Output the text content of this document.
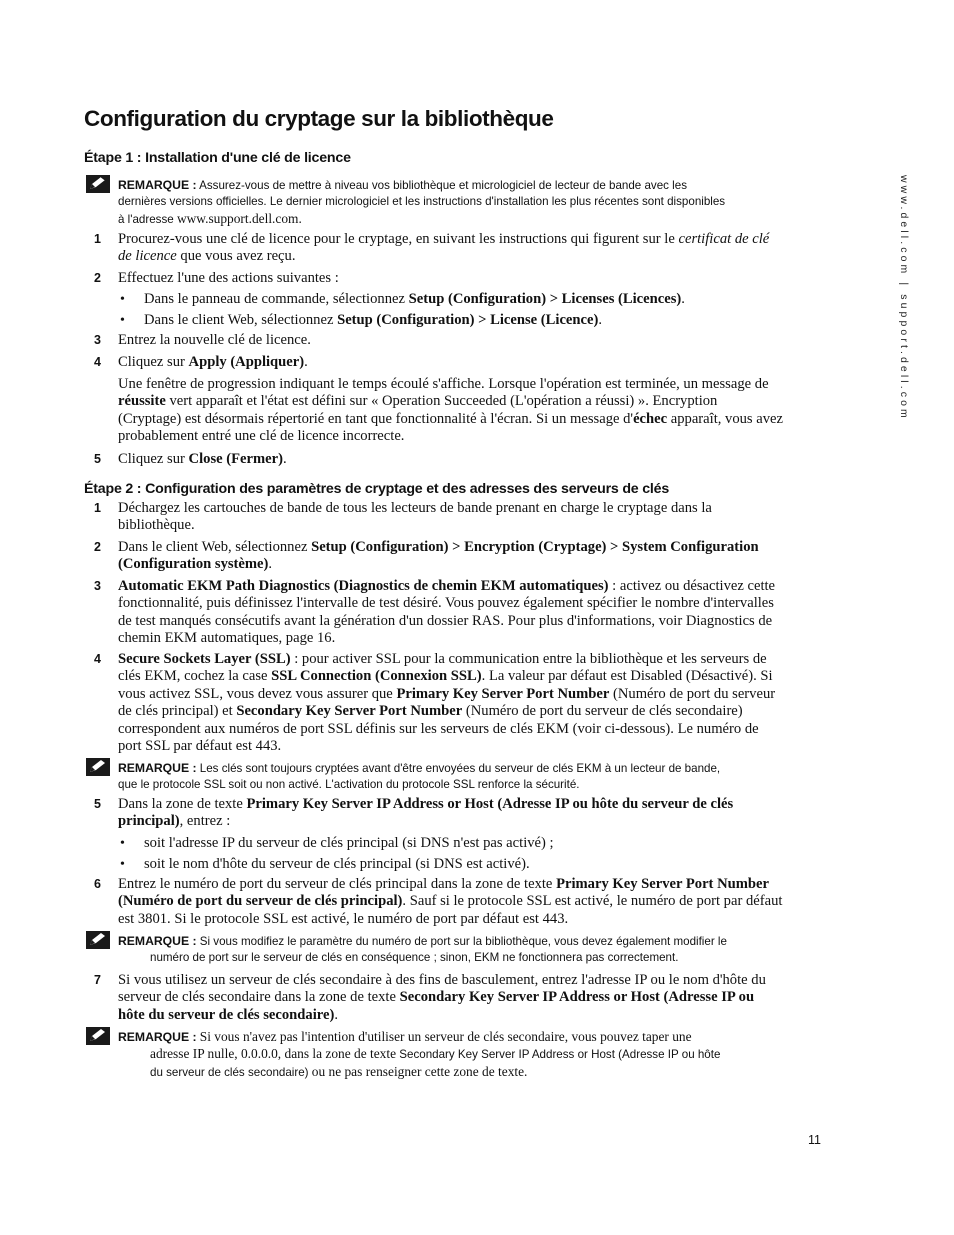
www.dell.com | support.dell.com
Configuration du cryptage sur la bibliothèque
Étape 1 : Installation d'une clé de licence

REMARQUE : Assurez-vous de mettre à niveau vos bibliothèque et micrologiciel de lecteur de bande avec les
dernières versions officielles. Le dernier micrologiciel et les instructions d'installation les plus récentes sont disponibles
à l'adresse www.support.dell.com.

1 Procurez-vous une clé de licence pour le cryptage, en suivant les instructions qui figurent sur le certificat de clé de licence que vous avez reçu.

2 Effectuez l'une des actions suivantes :

• Dans le panneau de commande, sélectionnez Setup (Configuration) > Licenses (Licences).

• Dans le client Web, sélectionnez Setup (Configuration) > License (Licence).

3 Entrez la nouvelle clé de licence.

4 Cliquez sur Apply (Appliquer).

Une fenêtre de progression indiquant le temps écoulé s'affiche. Lorsque l'opération est terminée, un message de réussite vert apparaît et l'état est défini sur « Operation Succeeded (L'opération a réussi) ». Encryption (Cryptage) est désormais répertorié en tant que fonctionnalité à l'écran. Si un message d'échec apparaît, vous avez probablement entré une clé de licence incorrecte.

5 Cliquez sur Close (Fermer).

Étape 2 : Configuration des paramètres de cryptage et des adresses des serveurs de clés
1 Déchargez les cartouches de bande de tous les lecteurs de bande prenant en charge le cryptage dans la bibliothèque.

2 Dans le client Web, sélectionnez Setup (Configuration) > Encryption (Cryptage) > System Configuration (Configuration système).

3 Automatic EKM Path Diagnostics (Diagnostics de chemin EKM automatiques) : activez ou désactivez cette fonctionnalité, puis définissez l'intervalle de test désiré. Vous pouvez également spécifier le nombre d'intervalles de test manqués consécutifs avant la génération d'un dossier RAS. Pour plus d'informations, voir Diagnostics de chemin EKM automatiques, page 16.

4 Secure Sockets Layer (SSL) : pour activer SSL pour la communication entre la bibliothèque et les serveurs de clés EKM, cochez la case SSL Connection (Connexion SSL). La valeur par défaut est Disabled (Désactivé). Si vous activez SSL, vous devez vous assurer que Primary Key Server Port Number (Numéro de port du serveur de clés principal) et Secondary Key Server Port Number (Numéro de port du serveur de clés secondaire) correspondent aux numéros de port SSL définis sur les serveurs de clés EKM (voir ci-dessous). Le numéro de port SSL par défaut est 443.

REMARQUE : Les clés sont toujours cryptées avant d'être envoyées du serveur de clés EKM à un lecteur de bande,
que le protocole SSL soit ou non activé. L'activation du protocole SSL renforce la sécurité.

5 Dans la zone de texte Primary Key Server IP Address or Host (Adresse IP ou hôte du serveur de clés principal), entrez :

• soit l'adresse IP du serveur de clés principal (si DNS n'est pas activé) ;

• soit le nom d'hôte du serveur de clés principal (si DNS est activé).

6 Entrez le numéro de port du serveur de clés principal dans la zone de texte Primary Key Server Port Number (Numéro de port du serveur de clés principal). Sauf si le protocole SSL est activé, le numéro de port par défaut est 3801. Si le protocole SSL est activé, le numéro de port par défaut est 443.

REMARQUE : Si vous modifiez le paramètre du numéro de port sur la bibliothèque, vous devez également modifier le
numéro de port sur le serveur de clés en conséquence ; sinon, EKM ne fonctionnera pas correctement.

7 Si vous utilisez un serveur de clés secondaire à des fins de basculement, entrez l'adresse IP ou le nom d'hôte du serveur de clés secondaire dans la zone de texte Secondary Key Server IP Address or Host (Adresse IP ou hôte du serveur de clés secondaire).

REMARQUE : Si vous n'avez pas l'intention d'utiliser un serveur de clés secondaire, vous pouvez taper une
adresse IP nulle, 0.0.0.0, dans la zone de texte Secondary Key Server IP Address or Host (Adresse IP ou hôte
du serveur de clés secondaire) ou ne pas renseigner cette zone de texte.

11
